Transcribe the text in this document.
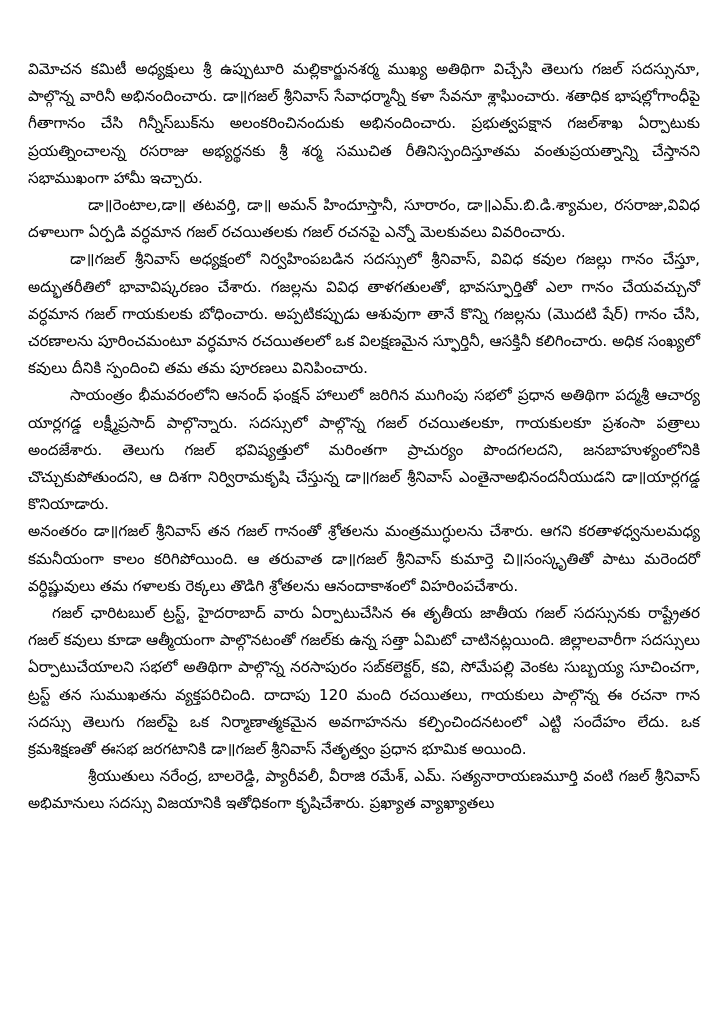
విమోచన కమిటీ అధ్యక్షులు శ్రీ ఉప్పుటూరి మల్లికార్జునశర్మ ముఖ్య అతిథిగా విచ్చేసి తెలుగు గజల్ సదస్సునూ, పాల్గొన్న వారినీ అభినందించారు. డా॥గజల్ శ్రీనివాస్ సేవాధర్మాన్నీ కళా సేవనూ శ్లాఘించారు. శతాధిక భాషల్లోగాంధీపై గీతాగానం చేసి గిన్నీస్‌బుక్‌ను అలంకరించినందుకు అభినందించారు. ప్రభుత్వపక్షాన గజల్‌శాఖ ఏర్పాటుకు ప్రయత్నించాలన్న రసరాజు అభ్యర్థనకు శ్రీ శర్మ సముచిత రీతినిస్పందిస్తూతమ వంతుప్రయత్నాన్ని చేస్తానని సభాముఖంగా హామీ ఇచ్చారు.

డా॥రెంటాల,డా॥ తటవర్తి, డా॥ అమన్ హిందూస్తానీ, సూరారం, డా॥ఎమ్.బి.డి.శ్యామల, రసరాజు,వివిధ దళాలుగా ఏర్పడి వర్ధమాన గజల్ రచయితలకు గజల్ రచనపై ఎన్నో మెలకువలు వివరించారు.

డా॥గజల్ శ్రీనివాస్ అధ్యక్షంలో నిర్వహింపబడిన సదస్సులో శ్రీనివాస్, వివిధ కవుల గజల్లు గానం చేస్తూ, అద్భుతరీతిలో భావావిష్కరణం చేశారు. గజల్లను వివిధ తాళగతులతో, భావస్ఫూర్తితో ఎలా గానం చేయవచ్చునో వర్ధమాన గజల్ గాయకులకు బోధించారు. అప్పటికప్పుడు ఆశువుగా తానే కొన్ని గజల్లను (మొదటి షేర్) గానం చేసి, చరణాలను పూరించమంటూ వర్ధమాన రచయితలలో ఒక విలక్షణమైన స్ఫూర్తినీ, ఆసక్తినీ కలిగించారు. అధిక సంఖ్యలో కవులు దీనికి స్పందించి తమ తమ పూరణలు వినిపించారు.

సాయంత్రం భీమవరంలోని ఆనంద్ ఫంక్షన్ హాలులో జరిగిన ముగింపు సభలో ప్రధాన అతిథిగా పద్మశ్రీ ఆచార్య యార్లగడ్డ లక్ష్మీప్రసాద్ పాల్గొన్నారు. సదస్సులో పాల్గొన్న గజల్ రచయితలకూ, గాయకులకూ ప్రశంసా పత్రాలు అందజేశారు. తెలుగు గజల్ భవిష్యత్తులో మరింతగా ప్రాచుర్యం పొందగలదని, జనబాహుళ్యంలోనికి చొచ్చుకుపోతుందని, ఆ దిశగా నిర్విరామకృషి చేస్తున్న డా॥గజల్ శ్రీనివాస్ ఎంతైనాఅభినందనీయుడని డా॥యార్లగడ్డ కొనియాడారు.

అనంతరం డా॥గజల్ శ్రీనివాస్ తన గజల్ గానంతో శ్రోతలను మంత్రముగ్ధులను చేశారు. ఆగని కరతాళధ్వనులమధ్య కమనీయంగా కాలం కరిగిపోయింది. ఆ తరువాత డా॥గజల్ శ్రీనివాస్ కుమార్తె చి॥సంస్కృతితో పాటు మరెందరో వర్ధిష్ణువులు తమ గళాలకు రెక్కలు తొడిగి శ్రోతలను ఆనందాకాశంలో విహరింపచేశారు.

గజల్ ఛారిటబుల్ ట్రస్ట్, హైదరాబాద్ వారు ఏర్పాటుచేసిన ఈ తృతీయ జాతీయ గజల్ సదస్సునకు రాష్ట్రేతర గజల్ కవులు కూడా ఆత్మీయంగా పాల్గొనటంతో గజల్‌కు ఉన్న సత్తా ఏమిటో చాటినట్లయింది. జిల్లాలవారీగా సదస్సులు ఏర్పాటుచేయాలని సభలో అతిథిగా పాల్గొన్న నరసాపురం సబ్‌కలెక్టర్, కవి, సోమేపల్లి వెంకట సుబ్బయ్య సూచించగా, ట్రస్ట్ తన సుముఖతను వ్యక్తపరిచింది. దాదాపు 120 మంది రచయితలు, గాయకులు పాల్గొన్న ఈ రచనా గాన సదస్సు తెలుగు గజల్‌పై ఒక నిర్మాణాత్మకమైన అవగాహనను కల్పించిందనటంలో ఎట్టి సందేహం లేదు. ఒక క్రమశిక్షణతో ఈసభ జరగటానికి డా॥గజల్ శ్రీనివాస్ నేతృత్వం ప్రధాన భూమిక అయింది.

శ్రీయుతులు నరేంద్ర, బాలరెడ్డి, ప్యారీవలీ, వీరాజి రమేశ్, ఎమ్. సత్యనారాయణమూర్తి వంటి గజల్ శ్రీనివాస్ అభిమానులు సదస్సు విజయానికి ఇతోధికంగా కృషిచేశారు. ప్రఖ్యాత వ్యాఖ్యాతలు
